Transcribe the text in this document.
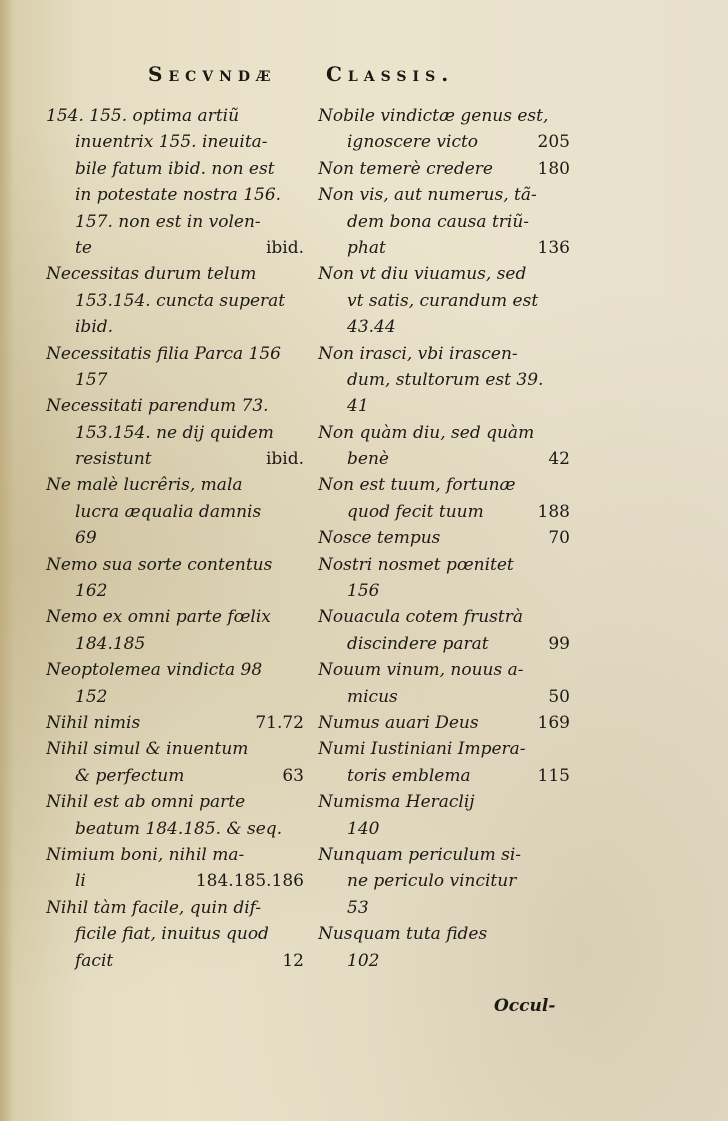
Secvndæ Classis.
154. 155. optima artiũ
inuentrix 155. ineuita-
bile fatum ibid. non est
in potestate nostra 156.
157. non est in volen-
te	ibid.
Necessitas durum telum
153.154. cuncta superat
ibid.
Necessitatis filia Parca 156
157
Necessitati parendum 73.
153.154. ne dij quidem
resistunt	ibid.
Ne malè lucrêris, mala
lucra æqualia damnis
69
Nemo sua sorte contentus
162
Nemo ex omni parte fœlix
184.185
Neoptolemea vindicta 98
152
Nihil nimis	71.72
Nihil simul & inuentum
& perfectum	63
Nihil est ab omni parte
beatum 184.185. & seq.
Nimium boni, nihil ma-
li	184.185.186
Nihil tàm facile, quin dif-
ficile fiat, inuitus quod
facit	12
Nobile vindictæ genus est,
ignoscere victo	205
Non temerè credere	180
Non vis, aut numerus, tã-
dem bona causa triũ-
phat	136
Non vt diu viuamus, sed
vt satis, curandum est
43.44
Non irasci, vbi irascen-
dum, stultorum est 39.
41
Non quàm diu, sed quàm
benè	42
Non est tuum, fortunæ
quod fecit tuum	188
Nosce tempus	70
Nostri nosmet pœnitet
156
Nouacula cotem frustrà
discindere parat	99
Nouum vinum, nouus a-
micus	50
Numus auari Deus	169
Numi Iustiniani Impera-
toris emblema	115
Numisma Heraclij
140
Nunquam periculum si-
ne periculo vincitur
53
Nusquam tuta fides
102
Occul-
